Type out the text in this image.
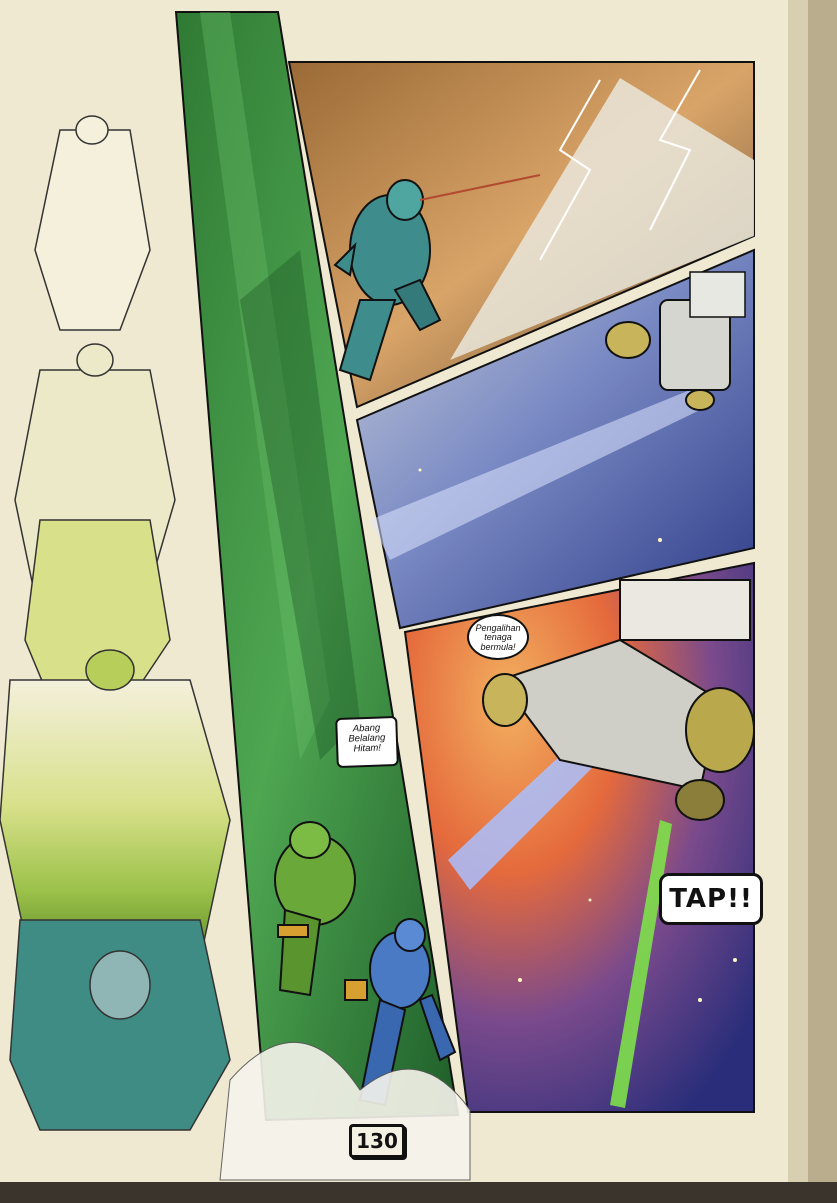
Abang
Belalang
Hitam!
Pengalihan
tenaga
bermula!
TAP!!
130
